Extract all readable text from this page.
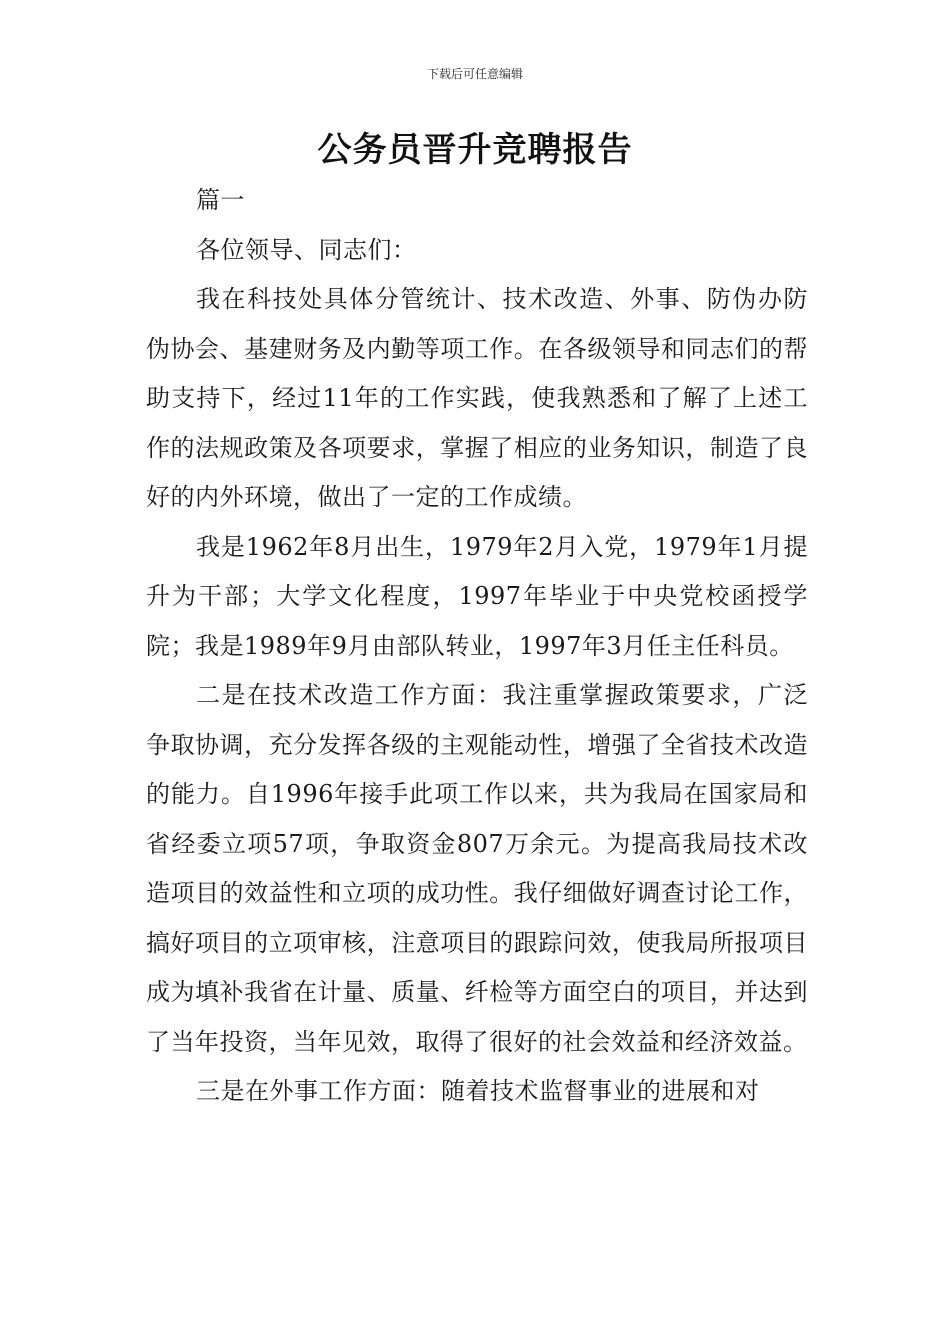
下载后可任意编辑
公务员晋升竞聘报告

篇一

各位领导、同志们：

我在科技处具体分管统计、技术改造、外事、防伪办防伪协会、基建财务及内勤等项工作。在各级领导和同志们的帮助支持下，经过11年的工作实践，使我熟悉和了解了上述工作的法规政策及各项要求，掌握了相应的业务知识，制造了良好的内外环境，做出了一定的工作成绩。

我是1962年8月出生，1979年2月入党，1979年1月提升为干部；大学文化程度，1997年毕业于中央党校函授学院；我是1989年9月由部队转业，1997年3月任主任科员。

二是在技术改造工作方面：我注重掌握政策要求，广泛争取协调，充分发挥各级的主观能动性，增强了全省技术改造的能力。自1996年接手此项工作以来，共为我局在国家局和省经委立项57项，争取资金807万余元。为提高我局技术改造项目的效益性和立项的成功性。我仔细做好调查讨论工作，搞好项目的立项审核，注意项目的跟踪问效，使我局所报项目成为填补我省在计量、质量、纤检等方面空白的项目，并达到了当年投资，当年见效，取得了很好的社会效益和经济效益。

三是在外事工作方面：随着技术监督事业的进展和对
